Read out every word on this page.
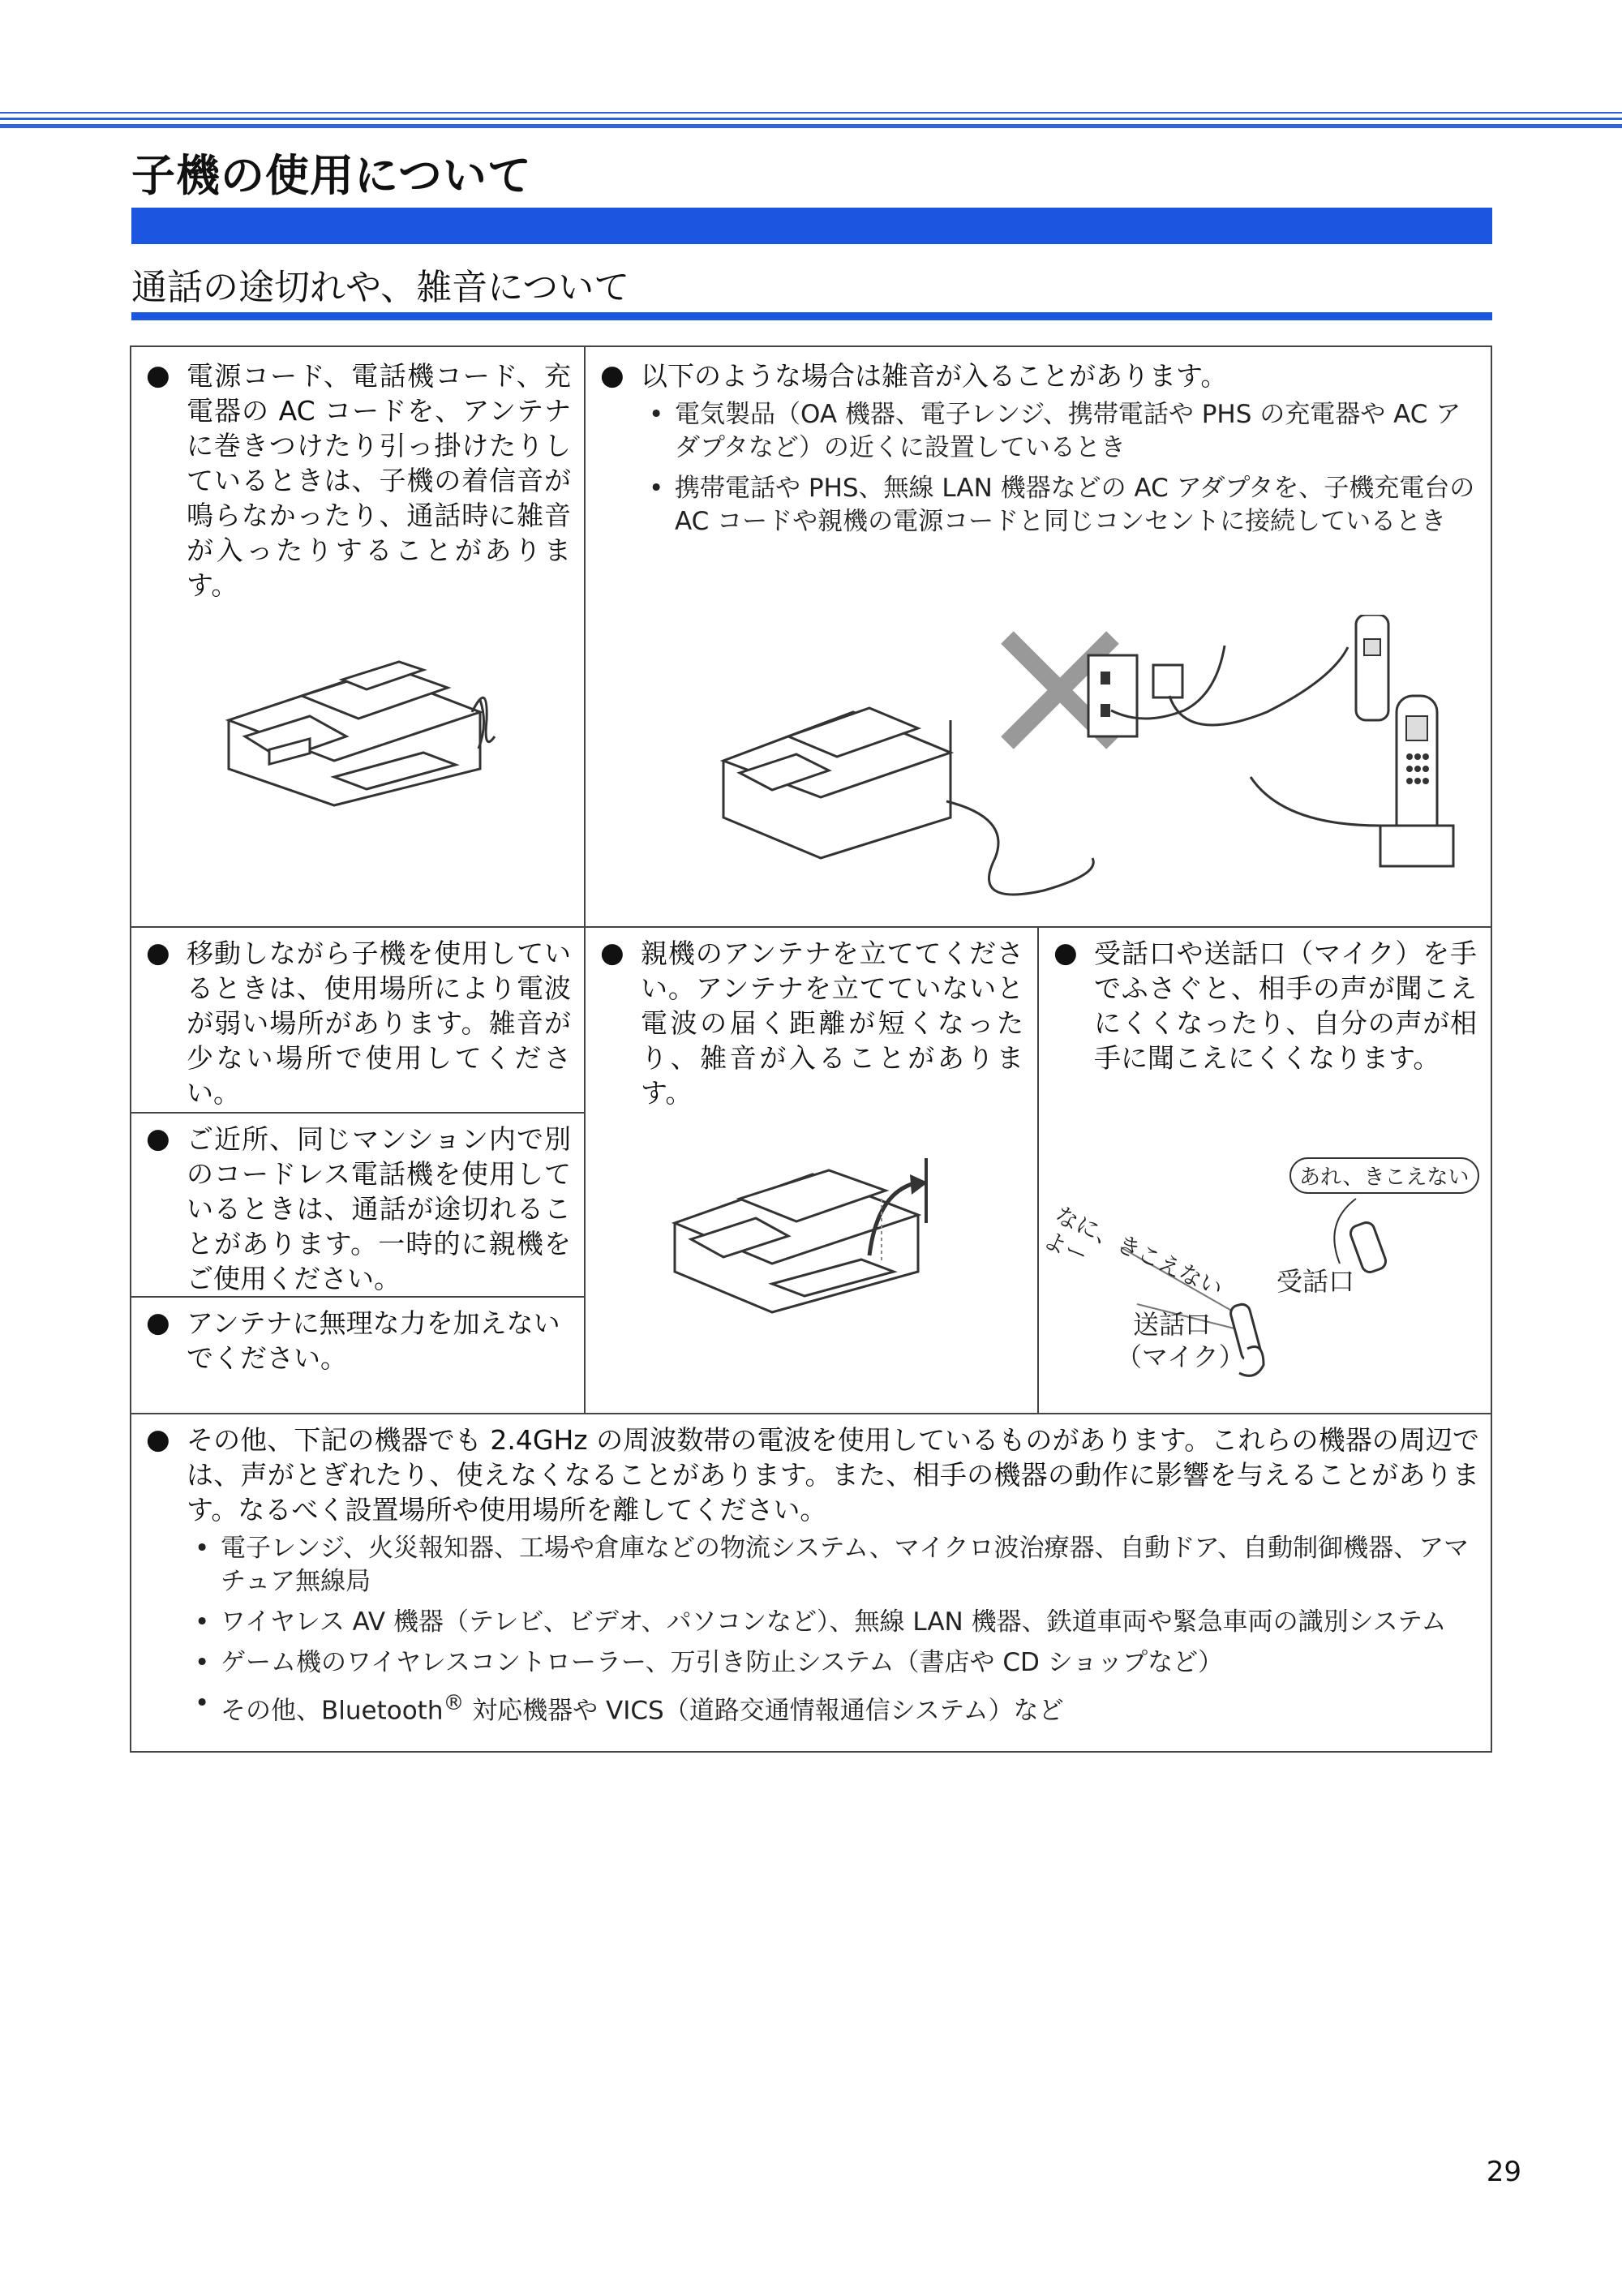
子機の使用について
通話の途切れや、雑音について
● 電源コード、電話機コード、充電器の AC コードを、アンテナに巻きつけたり引っ掛けたりしているときは、子機の着信音が鳴らなかったり、通話時に雑音が入ったりすることがあります。
● 以下のような場合は雑音が入ることがあります。
• 電気製品（OA 機器、電子レンジ、携帯電話や PHS の充電器や AC アダプタなど）の近くに設置しているとき
• 携帯電話や PHS、無線 LAN 機器などの AC アダプタを、子機充電台の AC コードや親機の電源コードと同じコンセントに接続しているとき
● 移動しながら子機を使用しているときは、使用場所により電波が弱い場所があります。雑音が少ない場所で使用してください。
● 親機のアンテナを立ててください。アンテナを立てていないと電波の届く距離が短くなったり、雑音が入ることがあります。
● 受話口や送話口（マイク）を手でふさぐと、相手の声が聞こえにくくなったり、自分の声が相手に聞こえにくくなります。
あれ、きこえない
なに、きこえないよー
受話口
送話口
（マイク）
● ご近所、同じマンション内で別のコードレス電話機を使用しているときは、通話が途切れることがあります。一時的に親機をご使用ください。
● アンテナに無理な力を加えないでください。
● その他、下記の機器でも 2.4GHz の周波数帯の電波を使用しているものがあります。これらの機器の周辺では、声がとぎれたり、使えなくなることがあります。また、相手の機器の動作に影響を与えることがあります。なるべく設置場所や使用場所を離してください。
• 電子レンジ、火災報知器、工場や倉庫などの物流システム、マイクロ波治療器、自動ドア、自動制御機器、アマチュア無線局
• ワイヤレス AV 機器（テレビ、ビデオ、パソコンなど）、無線 LAN 機器、鉄道車両や緊急車両の識別システム
• ゲーム機のワイヤレスコントローラー、万引き防止システム（書店や CD ショップなど）
• その他、Bluetooth® 対応機器や VICS（道路交通情報通信システム）など
29
